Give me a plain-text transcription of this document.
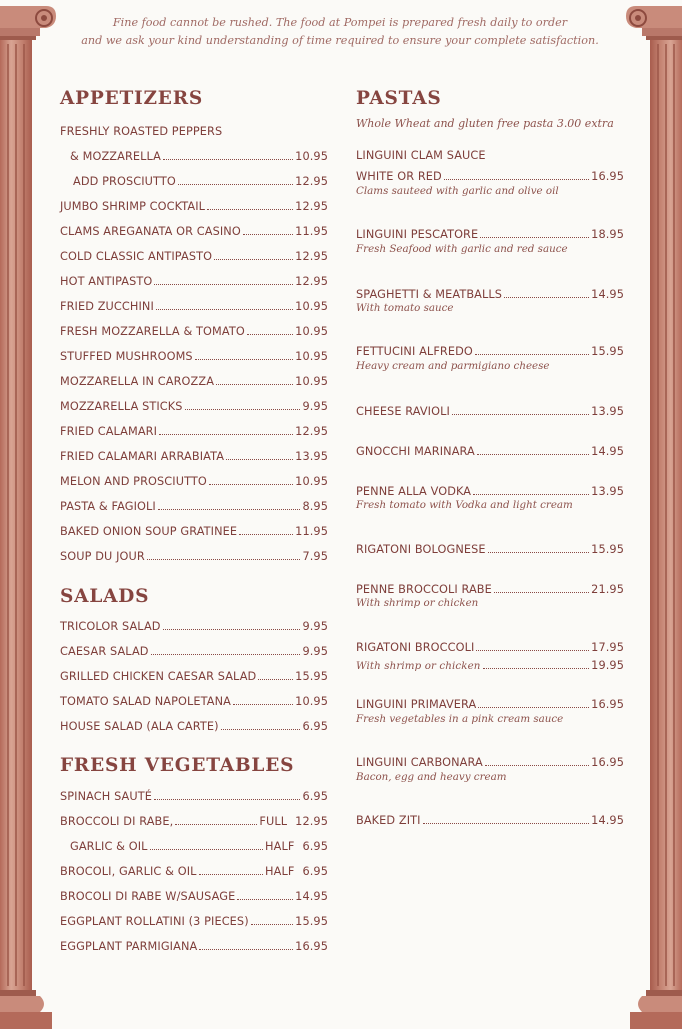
Fine food cannot be rushed. The food at Pompei is prepared fresh daily to order
and we ask your kind understanding of time required to ensure your complete satisfaction.
APPETIZERS
FRESHLY ROASTED PEPPERS
& MOZZARELLA	10.95
ADD PROSCIUTTO	12.95
JUMBO SHRIMP COCKTAIL	12.95
CLAMS AREGANATA OR CASINO	11.95
COLD CLASSIC ANTIPASTO	12.95
HOT ANTIPASTO	12.95
FRIED ZUCCHINI	10.95
FRESH MOZZARELLA & TOMATO	10.95
STUFFED MUSHROOMS	10.95
MOZZARELLA IN CAROZZA	10.95
MOZZARELLA STICKS	9.95
FRIED CALAMARI	12.95
FRIED CALAMARI ARRABIATA	13.95
MELON AND PROSCIUTTO	10.95
PASTA & FAGIOLI	8.95
BAKED ONION SOUP GRATINEE	11.95
SOUP DU JOUR	7.95
SALADS
TRICOLOR SALAD	9.95
CAESAR SALAD	9.95
GRILLED CHICKEN CAESAR SALAD	15.95
TOMATO SALAD NAPOLETANA	10.95
HOUSE SALAD (ALA CARTE)	6.95
FRESH VEGETABLES
SPINACH SAUTÉ	6.95
BROCCOLI DI RABE,	FULL 12.95
GARLIC & OIL	HALF 6.95
BROCOLI, GARLIC & OIL	HALF 6.95
BROCOLI DI RABE W/SAUSAGE	14.95
EGGPLANT ROLLATINI (3 PIECES)	15.95
EGGPLANT PARMIGIANA	16.95
PASTAS
Whole Wheat and gluten free pasta 3.00 extra
LINGUINI CLAM SAUCE
WHITE OR RED	16.95
Clams sauteed with garlic and olive oil
LINGUINI PESCATORE	18.95
Fresh Seafood with garlic and red sauce
SPAGHETTI & MEATBALLS	14.95
With tomato sauce
FETTUCINI ALFREDO	15.95
Heavy cream and parmigiano cheese
CHEESE RAVIOLI	13.95
GNOCCHI MARINARA	14.95
PENNE ALLA VODKA	13.95
Fresh tomato with Vodka and light cream
RIGATONI BOLOGNESE	15.95
PENNE BROCCOLI RABE	21.95
With shrimp or chicken
RIGATONI BROCCOLI	17.95
With shrimp or chicken	19.95
LINGUINI PRIMAVERA	16.95
Fresh vegetables in a pink cream sauce
LINGUINI CARBONARA	16.95
Bacon, egg and heavy cream
BAKED ZITI	14.95
